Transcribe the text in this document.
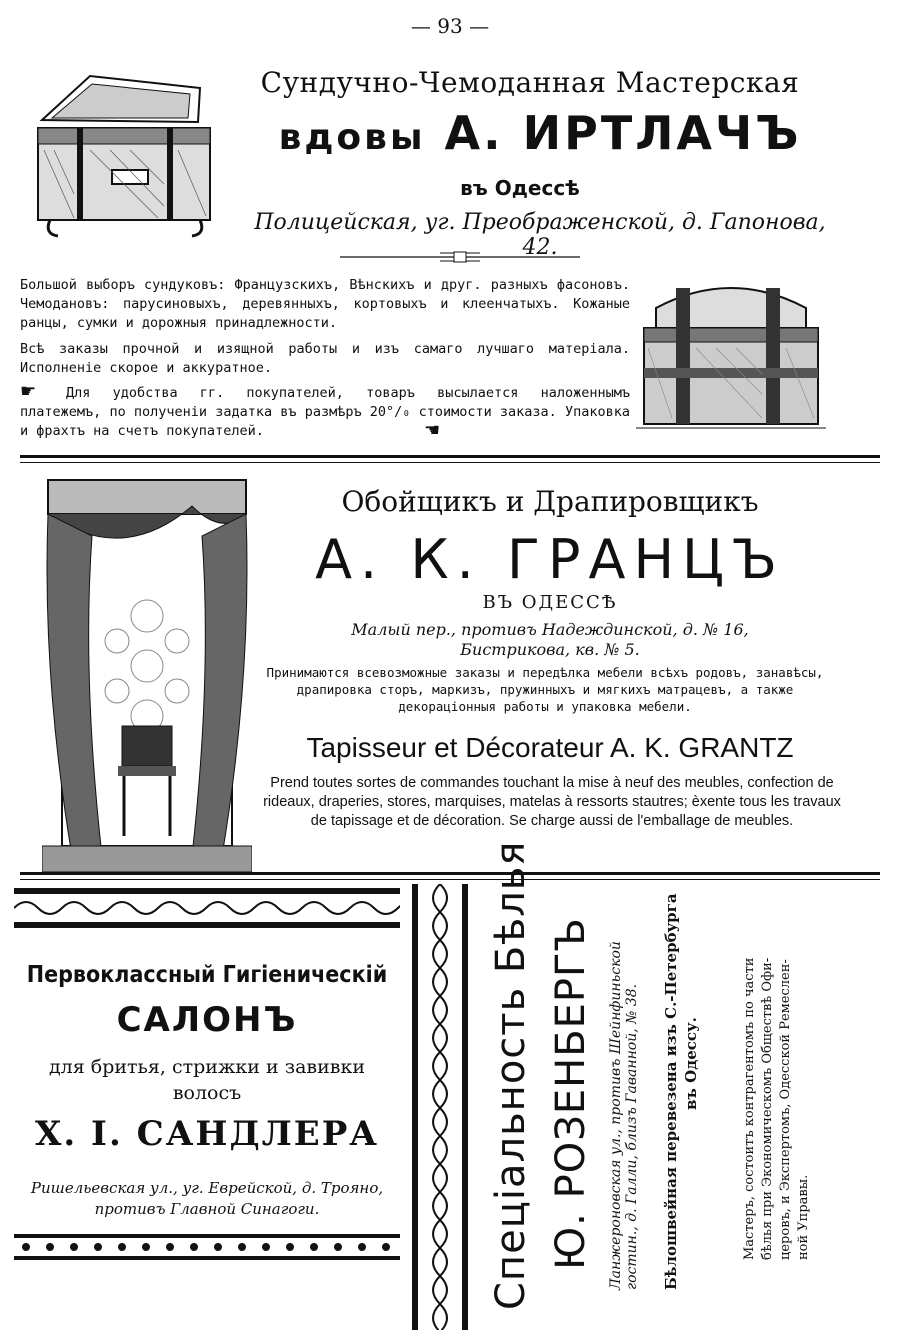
— 93 —
Сундучно-Чемоданная Мастерская
вдовы А. ИРТЛАЧЪ
въ Одессѣ
Полицейская, уг. Преображенской, д. Гапонова, 42.
Большой выборъ сундуковъ: Французскихъ, Вѣнскихъ и друг. разныхъ фасоновъ. Чемодановъ: парусиновыхъ, деревянныхъ, кортовыхъ и клеенчатыхъ. Кожаные ранцы, сумки и дорожныя принадлежности.
Всѣ заказы прочной и изящной работы и изъ самаго лучшаго матеріала. Исполненіе скорое и аккуратное.
Для удобства гг. покупателей, товаръ высылается наложеннымъ платежемъ, по полученіи задатка въ размѣръ 20°/₀ стоимости заказа. Упаковка и фрахтъ на счетъ покупателей.
☛
☚
Обойщикъ и Драпировщикъ
А. К. ГРАНЦЪ
ВЪ ОДЕССѢ
Малый пер., противъ Надеждинской, д. № 16,
Бистрикова, кв. № 5.
Принимаются всевозможные заказы и передѣлка мебели всѣхъ родовъ, занавѣсы, драпировка сторъ, маркизъ, пружинныхъ и мягкихъ матрацевъ, а также декораціонныя работы и упаковка мебели.
Tapisseur et Décorateur A. K. GRANTZ
Prend toutes sortes de commandes touchant la mise à neuf des meubles, confection de rideaux, draperies, stores, marquises, matelas à ressorts stautres; èxente tous les travaux de tapissage et de décoration. Se charge aussi de l'emballage de meubles.
Первоклассный Гигіеническій
САЛОНЪ
для бритья, стрижки и завивки волосъ
Х. І. САНДЛЕРА
Ришельевская ул., уг. Еврейской, д. Трояно, противъ Главной Синагоги.	Спеціальность Бѣлья Ю. РОЗЕНБЕРГЪ Ланжероновская ул., противъ Шейнфиньской гостин., д. Галли, близъ Гаванной, № 38. Бѣлошвейная перевезена изъ С.-Петербурга въ Одессу.	Мастеръ, состоитъ контрагентомъ по части бѣлья при Экономическомъ Обществѣ Офи- церовъ, и Экспертомъ, Одесской Ремеслен- ной Управы.
